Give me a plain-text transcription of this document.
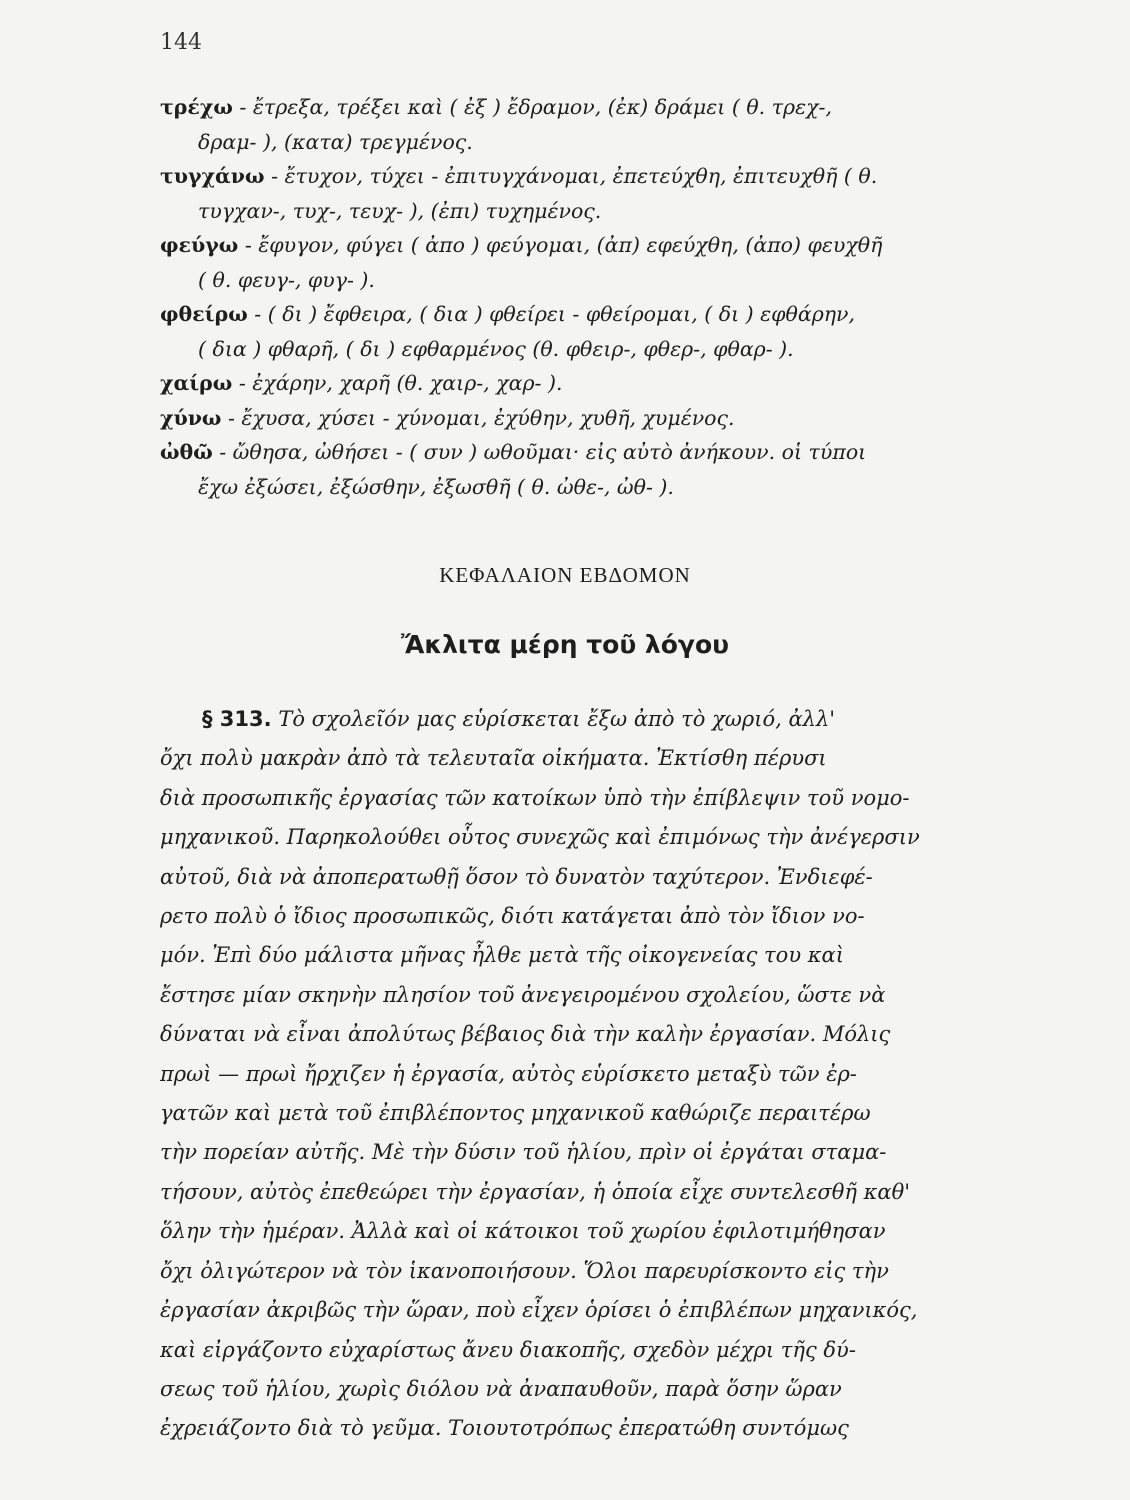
144
τρέχω - ἔτρεξα, τρέξει καὶ ( ἐξ ) ἔδραμον, (ἐκ) δράμει ( θ. τρεχ-,
δραμ- ), (κατα) τρεγμένος.
τυγχάνω - ἔτυχον, τύχει - ἐπιτυγχάνομαι, ἐπετεύχθη, ἐπιτευχθῆ ( θ.
τυγχαν-, τυχ-, τευχ- ), (ἐπι) τυχημένος.
φεύγω - ἔφυγον, φύγει ( ἀπο ) φεύγομαι, (ἀπ) εφεύχθη, (ἀπο) φευχθῆ
( θ. φευγ-, φυγ- ).
φθείρω - ( δι ) ἔφθειρα, ( δια ) φθείρει - φθείρομαι, ( δι ) εφθάρην,
( δια ) φθαρῆ, ( δι ) εφθαρμένος (θ. φθειρ-, φθερ-, φθαρ- ).
χαίρω - ἐχάρην, χαρῆ (θ. χαιρ-, χαρ- ).
χύνω - ἔχυσα, χύσει - χύνομαι, ἐχύθην, χυθῆ, χυμένος.
ὠθῶ - ὤθησα, ὠθήσει - ( συν ) ωθοῦμαι· εἰς αὐτὸ ἀνήκουν. οἱ τύποι
ἔχω ἐξώσει, ἐξώσθην, ἐξωσθῆ ( θ. ὠθε-, ὠθ- ).
ΚΕΦΑΛΑΙΟΝ ΕΒΔΟΜΟΝ
Ἄκλιτα μέρη τοῦ λόγου
§ 313. Τὸ σχολεῖόν μας εὑρίσκεται ἔξω ἀπὸ τὸ χωριό, ἀλλ'
ὄχι πολὺ μακρὰν ἀπὸ τὰ τελευταῖα οἰκήματα. Ἐκτίσθη πέρυσι
διὰ προσωπικῆς ἐργασίας τῶν κατοίκων ὑπὸ τὴν ἐπίβλεψιν τοῦ νομο-
μηχανικοῦ. Παρηκολούθει οὗτος συνεχῶς καὶ ἐπιμόνως τὴν ἀνέγερσιν
αὐτοῦ, διὰ νὰ ἀποπερατωθῇ ὅσον τὸ δυνατὸν ταχύτερον. Ἐνδιεφέ-
ρετο πολὺ ὁ ἴδιος προσωπικῶς, διότι κατάγεται ἀπὸ τὸν ἴδιον νο-
μόν. Ἐπὶ δύο μάλιστα μῆνας ἦλθε μετὰ τῆς οἰκογενείας του καὶ
ἔστησε μίαν σκηνὴν πλησίον τοῦ ἀνεγειρομένου σχολείου, ὥστε νὰ
δύναται νὰ εἶναι ἀπολύτως βέβαιος διὰ τὴν καλὴν ἐργασίαν. Μόλις
πρωὶ — πρωὶ ἤρχιζεν ἡ ἐργασία, αὐτὸς εὑρίσκετο μεταξὺ τῶν ἐρ-
γατῶν καὶ μετὰ τοῦ ἐπιβλέποντος μηχανικοῦ καθώριζε περαιτέρω
τὴν πορείαν αὐτῆς. Μὲ τὴν δύσιν τοῦ ἡλίου, πρὶν οἱ ἐργάται σταμα-
τήσουν, αὐτὸς ἐπεθεώρει τὴν ἐργασίαν, ἡ ὁποία εἶχε συντελεσθῆ καθ'
ὅλην τὴν ἡμέραν. Ἀλλὰ καὶ οἱ κάτοικοι τοῦ χωρίου ἐφιλοτιμήθησαν
ὄχι ὀλιγώτερον νὰ τὸν ἱκανοποιήσουν. Ὅλοι παρευρίσκοντο εἰς τὴν
ἐργασίαν ἀκριβῶς τὴν ὥραν, ποὺ εἶχεν ὁρίσει ὁ ἐπιβλέπων μηχανικός,
καὶ εἰργάζοντο εὐχαρίστως ἄνευ διακοπῆς, σχεδὸν μέχρι τῆς δύ-
σεως τοῦ ἡλίου, χωρὶς διόλου νὰ ἀναπαυθοῦν, παρὰ ὅσην ὥραν
ἐχρειάζοντο διὰ τὸ γεῦμα. Τοιουτοτρόπως ἐπερατώθη συντόμως
